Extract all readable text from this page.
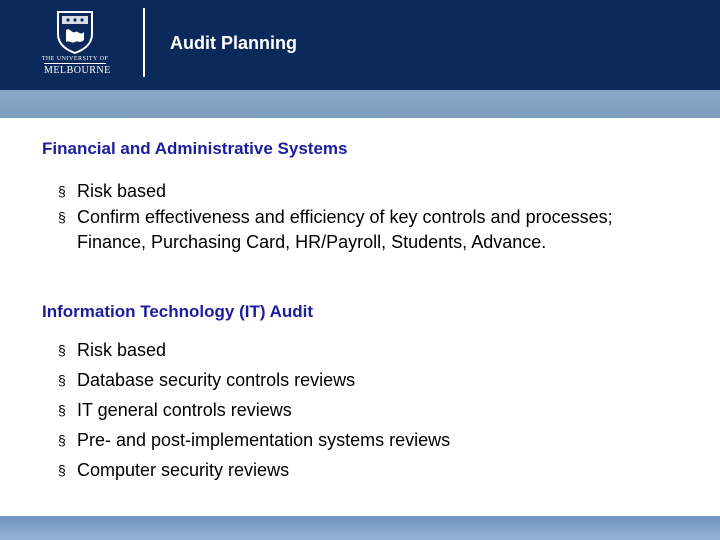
THE UNIVERSITY OF
MELBOURNE
Audit Planning
Financial and Administrative Systems
§ Risk based
§ Confirm effectiveness and efficiency of key controls and processes; Finance, Purchasing Card, HR/Payroll, Students, Advance.
Information Technology (IT) Audit
§ Risk based
§ Database security controls reviews
§ IT general controls reviews
§ Pre- and post-implementation systems reviews
§ Computer security reviews
